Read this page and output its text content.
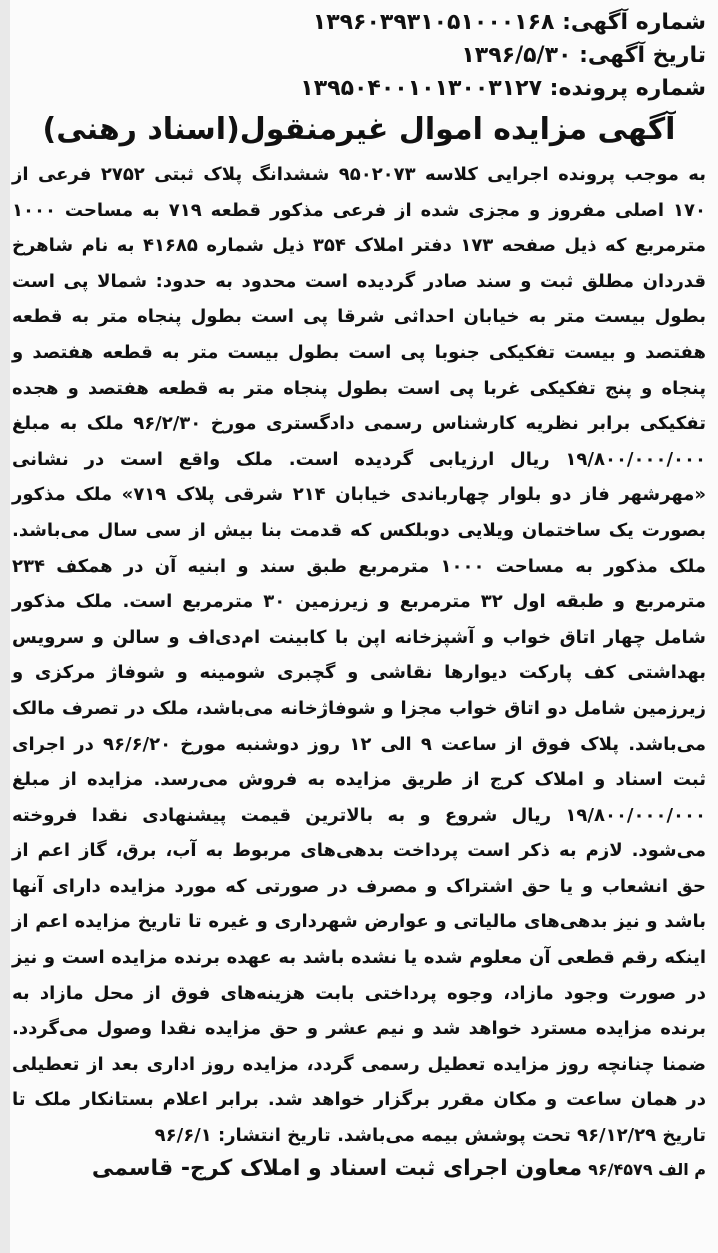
شماره آگهی: ۱۳۹۶۰۳۹۳۱۰۵۱۰۰۰۱۶۸
تاریخ آگهی: ۱۳۹۶/۵/۳۰
شماره پرونده: ۱۳۹۵۰۴۰۰۱۰۱۳۰۰۳۱۲۷
آگهی مزایده اموال غیرمنقول(اسناد رهنی)
به موجب پرونده اجرایی کلاسه ۹۵۰۲۰۷۳ ششدانگ پلاک ثبتی ۲۷۵۲ فرعی از ۱۷۰ اصلی مفروز و مجزی شده از فرعی مذکور قطعه ۷۱۹ به مساحت ۱۰۰۰ مترمربع که ذیل صفحه ۱۷۳ دفتر املاک ۳۵۴ ذیل شماره ۴۱۶۸۵ به نام شاهرخ قدردان مطلق ثبت و سند صادر گردیده است محدود به حدود: شمالا پی است بطول بیست متر به خیابان احداثی شرقا پی است بطول پنجاه متر به قطعه هفتصد و بیست تفکیکی جنوبا پی است بطول بیست متر به قطعه هفتصد و پنجاه و پنج تفکیکی غربا پی است بطول پنجاه متر به قطعه هفتصد و هجده تفکیکی برابر نظریه کارشناس رسمی دادگستری مورخ ۹۶/۲/۳۰ ملک به مبلغ ۱۹/۸۰۰/۰۰۰/۰۰۰ ریال ارزیابی گردیده است. ملک واقع است در نشانی «مهرشهر فاز دو بلوار چهارباندی خیابان ۲۱۴ شرقی پلاک ۷۱۹» ملک مذکور بصورت یک ساختمان ویلایی دوبلکس که قدمت بنا بیش از سی سال می‌باشد. ملک مذکور به مساحت ۱۰۰۰ مترمربع طبق سند و ابنیه آن در همکف ۲۳۴ مترمربع و طبقه اول ۳۲ مترمربع و زیرزمین ۳۰ مترمربع است. ملک مذکور شامل چهار اتاق خواب و آشپزخانه اپن با کابینت ام‌دی‌اف و سالن و سرویس بهداشتی کف پارکت دیوارها نقاشی و گچبری شومینه و شوفاژ مرکزی و زیرزمین شامل دو اتاق خواب مجزا و شوفاژخانه می‌باشد، ملک در تصرف مالک می‌باشد. پلاک فوق از ساعت ۹ الی ۱۲ روز دوشنبه مورخ ۹۶/۶/۲۰ در اجرای ثبت اسناد و املاک کرج از طریق مزایده به فروش می‌رسد. مزایده از مبلغ ۱۹/۸۰۰/۰۰۰/۰۰۰ ریال شروع و به بالاترین قیمت پیشنهادی نقدا فروخته می‌شود. لازم به ذکر است پرداخت بدهی‌های مربوط به آب، برق، گاز اعم از حق انشعاب و یا حق اشتراک و مصرف در صورتی که مورد مزایده دارای آنها باشد و نیز بدهی‌های مالیاتی و عوارض شهرداری و غیره تا تاریخ مزایده اعم از اینکه رقم قطعی آن معلوم شده یا نشده باشد به عهده برنده مزایده است و نیز در صورت وجود مازاد، وجوه پرداختی بابت هزینه‌های فوق از محل مازاد به برنده مزایده مسترد خواهد شد و نیم عشر و حق مزایده نقدا وصول می‌گردد. ضمنا چنانچه روز مزایده تعطیل رسمی گردد، مزایده روز اداری بعد از تعطیلی در همان ساعت و مکان مقرر برگزار خواهد شد. برابر اعلام بستانکار ملک تا تاریخ ۹۶/۱۲/۲۹ تحت پوشش بیمه می‌باشد. تاریخ انتشار: ۹۶/۶/۱
م الف ۹۶/۴۵۷۹
معاون اجرای ثبت اسناد و املاک کرج- قاسمی
